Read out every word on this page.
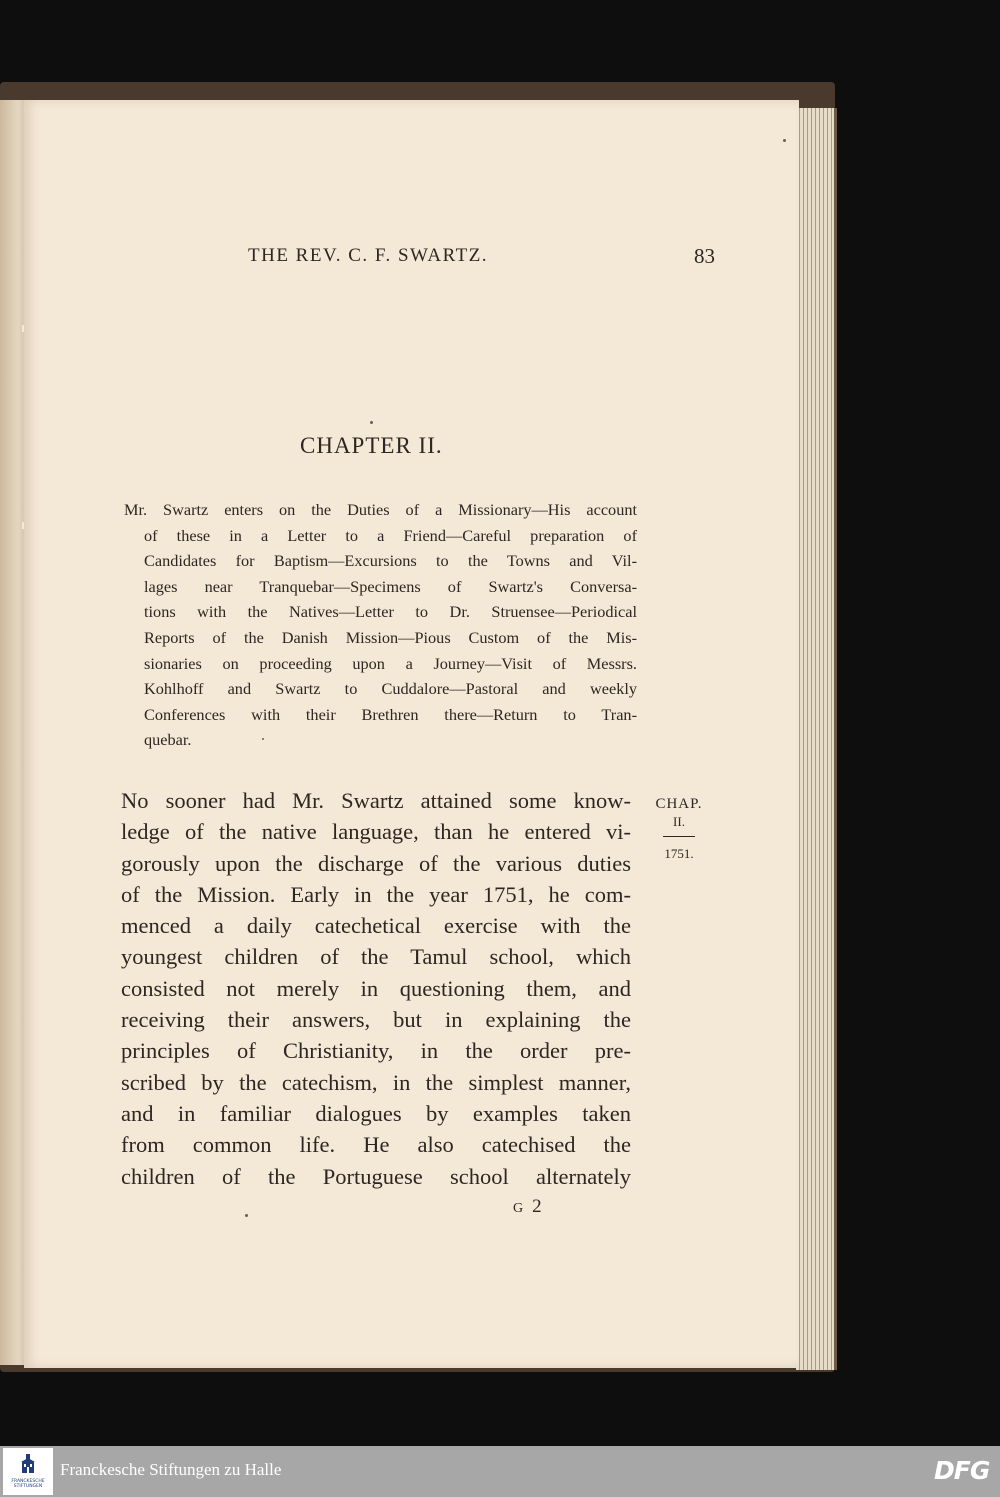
THE REV. C. F. SWARTZ.	83

CHAPTER II.

Mr. Swartz enters on the Duties of a Missionary—His account
of these in a Letter to a Friend—Careful preparation of
Candidates for Baptism—Excursions to the Towns and Vil-
lages near Tranquebar—Specimens of Swartz's Conversa-
tions with the Natives—Letter to Dr. Struensee—Periodical
Reports of the Danish Mission—Pious Custom of the Mis-
sionaries on proceeding upon a Journey—Visit of Messrs.
Kohlhoff and Swartz to Cuddalore—Pastoral and weekly
Conferences with their Brethren there—Return to Tran-
quebar.

No sooner had Mr. Swartz attained some know-
ledge of the native language, than he entered vi-
gorously upon the discharge of the various duties
of the Mission. Early in the year 1751, he com-
menced a daily catechetical exercise with the
youngest children of the Tamul school, which
consisted not merely in questioning them, and
receiving their answers, but in explaining the
principles of Christianity, in the order pre-
scribed by the catechism, in the simplest manner,
and in familiar dialogues by examples taken
from common life. He also catechised the
children of the Portuguese school alternately

CHAP.
II.
1751.
G 2
FRANCKESCHE
STIFTUNGEN
Franckesche Stiftungen zu Halle	DFG
